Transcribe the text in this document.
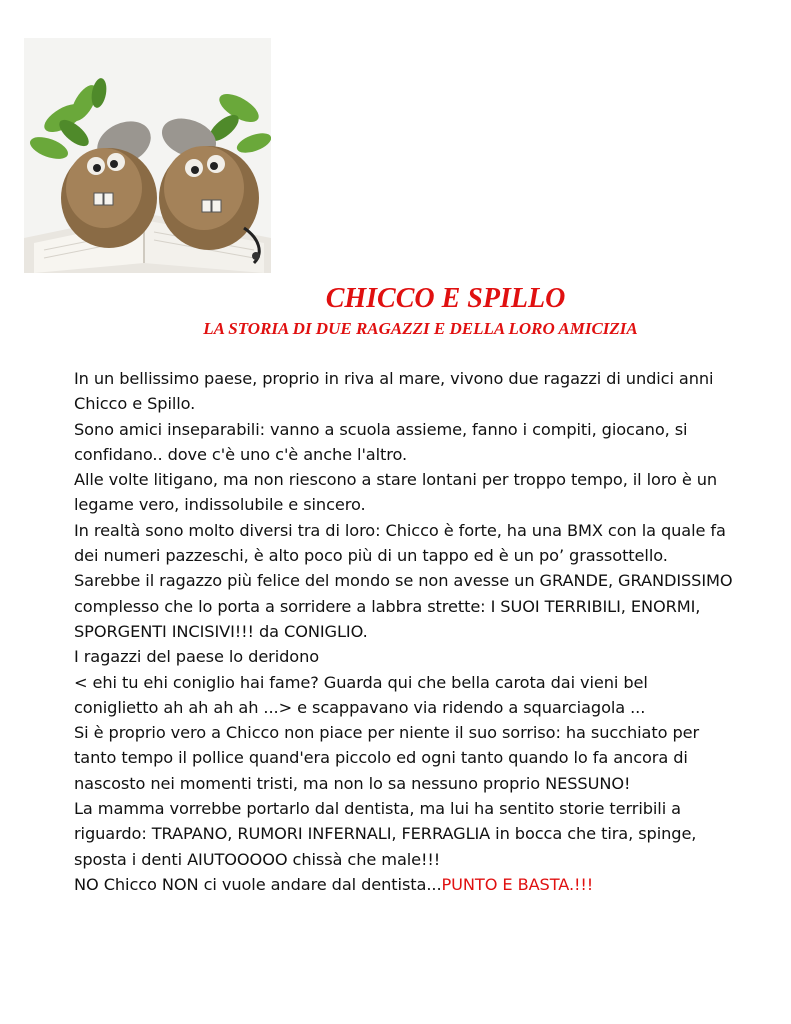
CHICCO E SPILLO
LA STORIA DI DUE RAGAZZI E DELLA LORO AMICIZIA

In un bellissimo paese, proprio in riva al mare, vivono due ragazzi di undici anni Chicco e Spillo.

Sono amici inseparabili: vanno a scuola assieme, fanno i compiti, giocano, si confidano.. dove c'è uno c'è anche l'altro.

Alle volte litigano, ma non riescono a stare lontani per troppo tempo, il loro è un legame vero, indissolubile e sincero.

In realtà sono molto diversi tra di loro: Chicco è forte, ha una BMX con la quale fa dei numeri pazzeschi, è alto poco più di un tappo ed è un po’ grassottello.

Sarebbe il ragazzo più felice del mondo se non avesse un GRANDE, GRANDISSIMO complesso che lo porta a sorridere a labbra strette: I SUOI TERRIBILI, ENORMI, SPORGENTI INCISIVI!!! da CONIGLIO.

I ragazzi del paese lo deridono

< ehi tu ehi coniglio hai fame? Guarda qui che bella carota dai vieni bel coniglietto ah ah ah ah ...> e scappavano via ridendo a squarciagola ...

Si è proprio vero a Chicco non piace per niente il suo sorriso: ha succhiato per tanto tempo il pollice quand'era piccolo ed ogni tanto quando lo fa ancora di nascosto nei momenti tristi, ma non lo sa nessuno proprio NESSUNO!

La mamma vorrebbe portarlo dal dentista, ma lui ha sentito storie terribili a riguardo: TRAPANO, RUMORI INFERNALI, FERRAGLIA in bocca che tira, spinge, sposta i denti AIUTOOOOO chissà che male!!!

NO Chicco NON ci vuole andare dal dentista...PUNTO E BASTA.!!!
